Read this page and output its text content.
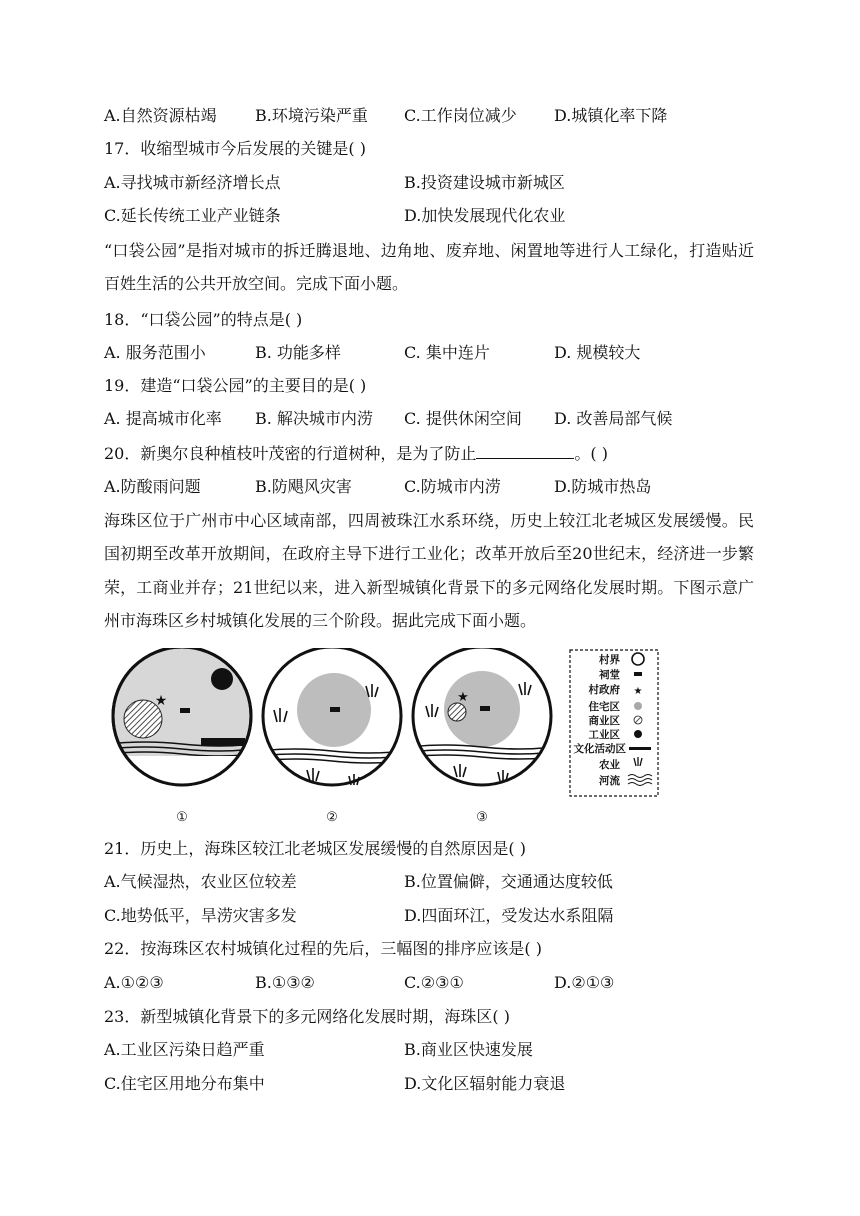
A.自然资源枯竭 B.环境污染严重 C.工作岗位减少 D.城镇化率下降
17．收缩型城市今后发展的关键是( )
A.寻找城市新经济增长点	B.投资建设城市新城区
C.延长传统工业产业链条	D.加快发展现代化农业
“口袋公园”是指对城市的拆迁腾退地、边角地、废弃地、闲置地等进行人工绿化，打造贴近百姓生活的公共开放空间。完成下面小题。
18．“口袋公园”的特点是( )
A. 服务范围小	B. 功能多样	C. 集中连片	D. 规模较大
19．建造“口袋公园”的主要目的是( )
A. 提高城市化率 B. 解决城市内涝 C. 提供休闲空间 D. 改善局部气候
20．新奥尔良种植枝叶茂密的行道树种，是为了防止	。( )
A.防酸雨问题	B.防飓风灾害	C.防城市内涝	D.防城市热岛
海珠区位于广州市中心区域南部，四周被珠江水系环绕，历史上较江北老城区发展缓慢。民国初期至改革开放期间，在政府主导下进行工业化；改革开放后至20世纪末，经济进一步繁荣，工商业并存；21世纪以来，进入新型城镇化背景下的多元网络化发展时期。下图示意广州市海珠区乡村城镇化发展的三个阶段。据此完成下面小题。
★
①	②
★
③
村界
祠堂
村政府 ★
住宅区
商业区
工业区
文化活动区
农业
河流
21．历史上，海珠区较江北老城区发展缓慢的自然原因是( )
A.气候湿热，农业区位较差	B.位置偏僻，交通通达度较低
C.地势低平，旱涝灾害多发	D.四面环江，受发达水系阻隔
22．按海珠区农村城镇化过程的先后，三幅图的排序应该是( )
A.①②③	B.①③②	C.②③①	D.②①③
23．新型城镇化背景下的多元网络化发展时期，海珠区( )
A.工业区污染日趋严重	B.商业区快速发展
C.住宅区用地分布集中	D.文化区辐射能力衰退
